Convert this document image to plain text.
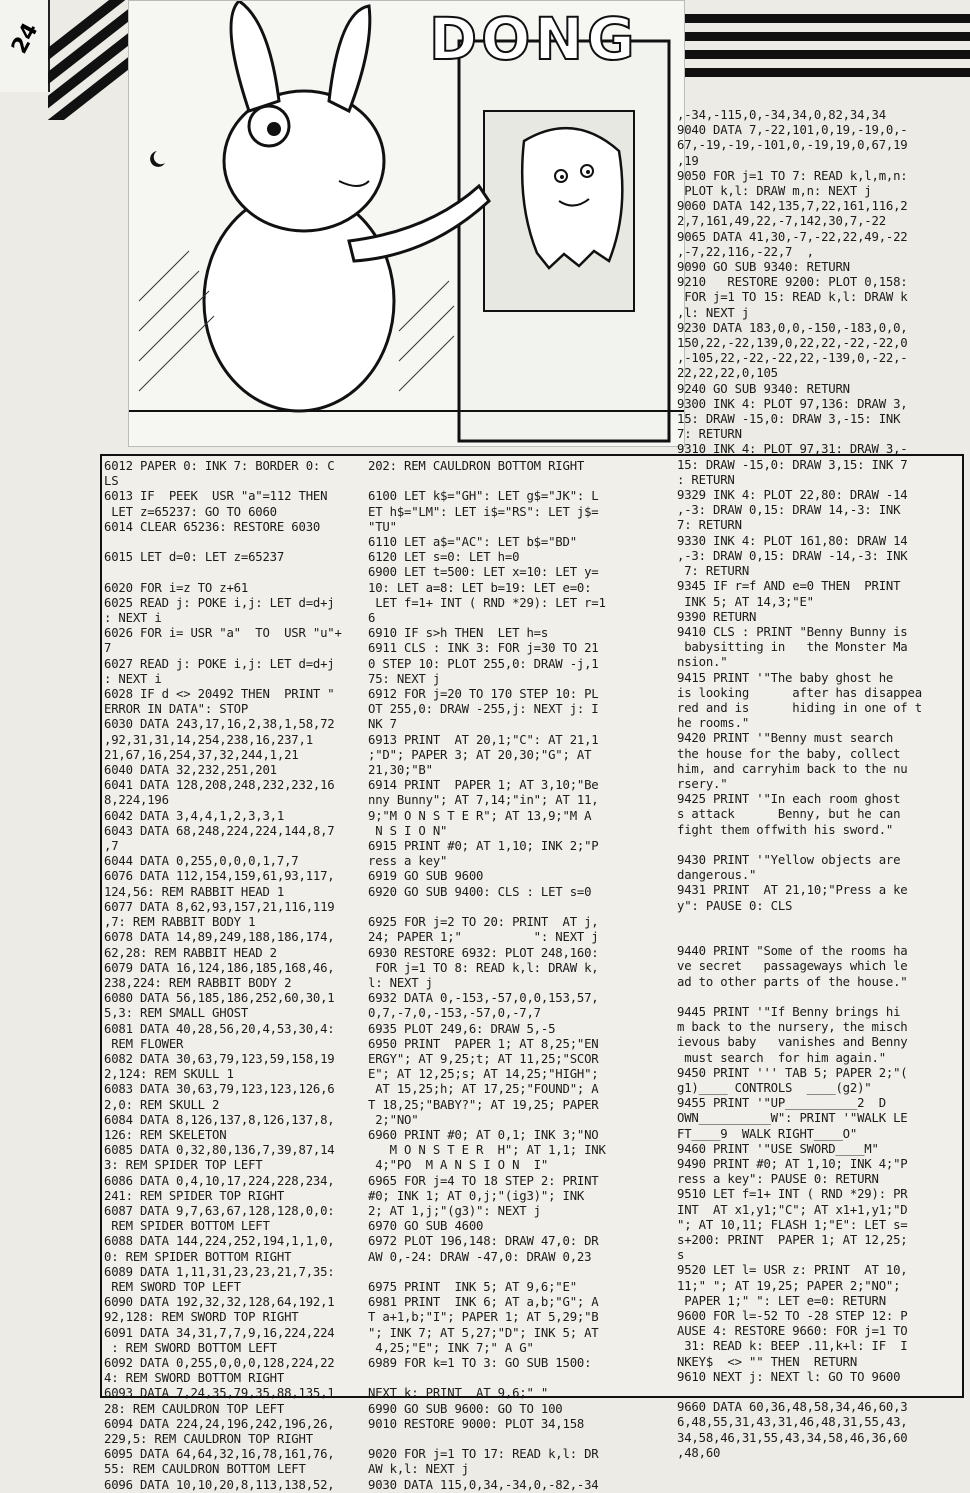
24	DONG
6012 PAPER 0: INK 7: BORDER 0: C
LS
6013 IF  PEEK  USR "a"=112 THEN
LET z=65237: GO TO 6060
6014 CLEAR 65236: RESTORE 6030

6015 LET d=0: LET z=65237

6020 FOR i=z TO z+61
6025 READ j: POKE i,j: LET d=d+j
: NEXT i
6026 FOR i= USR "a"  TO  USR "u"+
7
6027 READ j: POKE i,j: LET d=d+j
: NEXT i
6028 IF d <> 20492 THEN  PRINT "
ERROR IN DATA": STOP
6030 DATA 243,17,16,2,38,1,58,72
,92,31,31,14,254,238,16,237,1
21,67,16,254,37,32,244,1,21
6040 DATA 32,232,251,201
6041 DATA 128,208,248,232,232,16
8,224,196
6042 DATA 3,4,4,1,2,3,3,1
6043 DATA 68,248,224,224,144,8,7
,7
6044 DATA 0,255,0,0,0,1,7,7
6076 DATA 112,154,159,61,93,117,
124,56: REM RABBIT HEAD 1
6077 DATA 8,62,93,157,21,116,119
,7: REM RABBIT BODY 1
6078 DATA 14,89,249,188,186,174,
62,28: REM RABBIT HEAD 2
6079 DATA 16,124,186,185,168,46,
238,224: REM RABBIT BODY 2
6080 DATA 56,185,186,252,60,30,1
5,3: REM SMALL GHOST
6081 DATA 40,28,56,20,4,53,30,4:
REM FLOWER
6082 DATA 30,63,79,123,59,158,19
2,124: REM SKULL 1
6083 DATA 30,63,79,123,123,126,6
2,0: REM SKULL 2
6084 DATA 8,126,137,8,126,137,8,
126: REM SKELETON
6085 DATA 0,32,80,136,7,39,87,14
3: REM SPIDER TOP LEFT
6086 DATA 0,4,10,17,224,228,234,
241: REM SPIDER TOP RIGHT
6087 DATA 9,7,63,67,128,128,0,0:
REM SPIDER BOTTOM LEFT
6088 DATA 144,224,252,194,1,1,0,
0: REM SPIDER BOTTOM RIGHT
6089 DATA 1,11,31,23,23,21,7,35:
REM SWORD TOP LEFT
6090 DATA 192,32,32,128,64,192,1
92,128: REM SWORD TOP RIGHT
6091 DATA 34,31,7,7,9,16,224,224
: REM SWORD BOTTOM LEFT
6092 DATA 0,255,0,0,0,128,224,22
4: REM SWORD BOTTOM RIGHT
6093 DATA 7,24,35,79,35,88,135,1
28: REM CAULDRON TOP LEFT
6094 DATA 224,24,196,242,196,26,
229,5: REM CAULDRON TOP RIGHT
6095 DATA 64,64,32,16,78,161,76,
55: REM CAULDRON BOTTOM LEFT
6096 DATA 10,10,20,8,113,138,52,
202: REM CAULDRON BOTTOM RIGHT

6100 LET k$="GH": LET g$="JK": L
ET h$="LM": LET i$="RS": LET j$=
"TU"
6110 LET a$="AC": LET b$="BD"
6120 LET s=0: LET h=0
6900 LET t=500: LET x=10: LET y=
10: LET a=8: LET b=19: LET e=0:
LET f=1+ INT ( RND *29): LET r=1
6
6910 IF s>h THEN  LET h=s
6911 CLS : INK 3: FOR j=30 TO 21
0 STEP 10: PLOT 255,0: DRAW -j,1
75: NEXT j
6912 FOR j=20 TO 170 STEP 10: PL
OT 255,0: DRAW -255,j: NEXT j: I
NK 7
6913 PRINT  AT 20,1;"C": AT 21,1
;"D"; PAPER 3; AT 20,30;"G"; AT
21,30;"B"
6914 PRINT  PAPER 1; AT 3,10;"Be
nny Bunny"; AT 7,14;"in"; AT 11,
9;"M O N S T E R"; AT 13,9;"M A
N S I O N"
6915 PRINT #0; AT 1,10; INK 2;"P
ress a key"
6919 GO SUB 9600
6920 GO SUB 9400: CLS : LET s=0

6925 FOR j=2 TO 20: PRINT  AT j,
24; PAPER 1;"          ": NEXT j
6930 RESTORE 6932: PLOT 248,160:
FOR j=1 TO 8: READ k,l: DRAW k,
l: NEXT j
6932 DATA 0,-153,-57,0,0,153,57,
0,7,-7,0,-153,-57,0,-7,7
6935 PLOT 249,6: DRAW 5,-5
6950 PRINT  PAPER 1; AT 8,25;"EN
ERGY"; AT 9,25;t; AT 11,25;"SCOR
E"; AT 12,25;s; AT 14,25;"HIGH";
AT 15,25;h; AT 17,25;"FOUND"; A
T 18,25;"BABY?"; AT 19,25; PAPER
2;"NO"
6960 PRINT #0; AT 0,1; INK 3;"NO
M O N S T E R  H"; AT 1,1; INK
4;"PO  M A N S I O N  I"
6965 FOR j=4 TO 18 STEP 2: PRINT
#0; INK 1; AT 0,j;"(ig3)"; INK
2; AT 1,j;"(g3)": NEXT j
6970 GO SUB 4600
6972 PLOT 196,148: DRAW 47,0: DR
AW 0,-24: DRAW -47,0: DRAW 0,23

6975 PRINT  INK 5; AT 9,6;"E"
6981 PRINT  INK 6; AT a,b;"G"; A
T a+1,b;"I"; PAPER 1; AT 5,29;"B
"; INK 7; AT 5,27;"D"; INK 5; AT
4,25;"E"; INK 7;" A G"
6989 FOR k=1 TO 3: GO SUB 1500:

NEXT k: PRINT  AT 9,6;" "
6990 GO SUB 9600: GO TO 100
9010 RESTORE 9000: PLOT 34,158

9020 FOR j=1 TO 17: READ k,l: DR
AW k,l: NEXT j
9030 DATA 115,0,34,-34,0,-82,-34
,-34,-115,0,-34,34,0,82,34,34
9040 DATA 7,-22,101,0,19,-19,0,-
67,-19,-19,-101,0,-19,19,0,67,19
,19
9050 FOR j=1 TO 7: READ k,l,m,n:
PLOT k,l: DRAW m,n: NEXT j
9060 DATA 142,135,7,22,161,116,2
2,7,161,49,22,-7,142,30,7,-22
9065 DATA 41,30,-7,-22,22,49,-22
,-7,22,116,-22,7  ,
9090 GO SUB 9340: RETURN
9210   RESTORE 9200: PLOT 0,158:
FOR j=1 TO 15: READ k,l: DRAW k
,l: NEXT j
9230 DATA 183,0,0,-150,-183,0,0,
150,22,-22,139,0,22,22,-22,-22,0
,-105,22,-22,-22,22,-139,0,-22,-
22,22,22,0,105
9240 GO SUB 9340: RETURN
9300 INK 4: PLOT 97,136: DRAW 3,
15: DRAW -15,0: DRAW 3,-15: INK
7: RETURN
9310 INK 4: PLOT 97,31: DRAW 3,-
15: DRAW -15,0: DRAW 3,15: INK 7
: RETURN
9329 INK 4: PLOT 22,80: DRAW -14
,-3: DRAW 0,15: DRAW 14,-3: INK
7: RETURN
9330 INK 4: PLOT 161,80: DRAW 14
,-3: DRAW 0,15: DRAW -14,-3: INK
7: RETURN
9345 IF r=f AND e=0 THEN  PRINT
INK 5; AT 14,3;"E"
9390 RETURN
9410 CLS : PRINT "Benny Bunny is
babysitting in   the Monster Ma
nsion."
9415 PRINT '"The baby ghost he
is looking      after has disappea
red and is      hiding in one of t
he rooms."
9420 PRINT '"Benny must search
the house for the baby, collect
him, and carryhim back to the nu
rsery."
9425 PRINT '"In each room ghost
s attack      Benny, but he can
fight them offwith his sword."

9430 PRINT '"Yellow objects are
dangerous."
9431 PRINT  AT 21,10;"Press a ke
y": PAUSE 0: CLS

9440 PRINT "Some of the rooms ha
ve secret   passageways which le
ad to other parts of the house."

9445 PRINT '"If Benny brings hi
m back to the nursery, the misch
ievous baby   vanishes and Benny
must search  for him again."
9450 PRINT ''' TAB 5; PAPER 2;"(
g1)____ CONTROLS  ____(g2)"
9455 PRINT '"UP__________2  D
OWN__________W": PRINT '"WALK LE
FT____9  WALK RIGHT____O"
9460 PRINT '"USE SWORD____M"
9490 PRINT #0; AT 1,10; INK 4;"P
ress a key": PAUSE 0: RETURN
9510 LET f=1+ INT ( RND *29): PR
INT  AT x1,y1;"C"; AT x1+1,y1;"D
"; AT 10,11; FLASH 1;"E": LET s=
s+200: PRINT  PAPER 1; AT 12,25;
s
9520 LET l= USR z: PRINT  AT 10,
11;" "; AT 19,25; PAPER 2;"NO";
PAPER 1;" ": LET e=0: RETURN
9600 FOR l=-52 TO -28 STEP 12: P
AUSE 4: RESTORE 9660: FOR j=1 TO
31: READ k: BEEP .11,k+l: IF  I
NKEY$  <> "" THEN  RETURN
9610 NEXT j: NEXT l: GO TO 9600

9660 DATA 60,36,48,58,34,46,60,3
6,48,55,31,43,31,46,48,31,55,43,
34,58,46,31,55,43,34,58,46,36,60
,48,60
